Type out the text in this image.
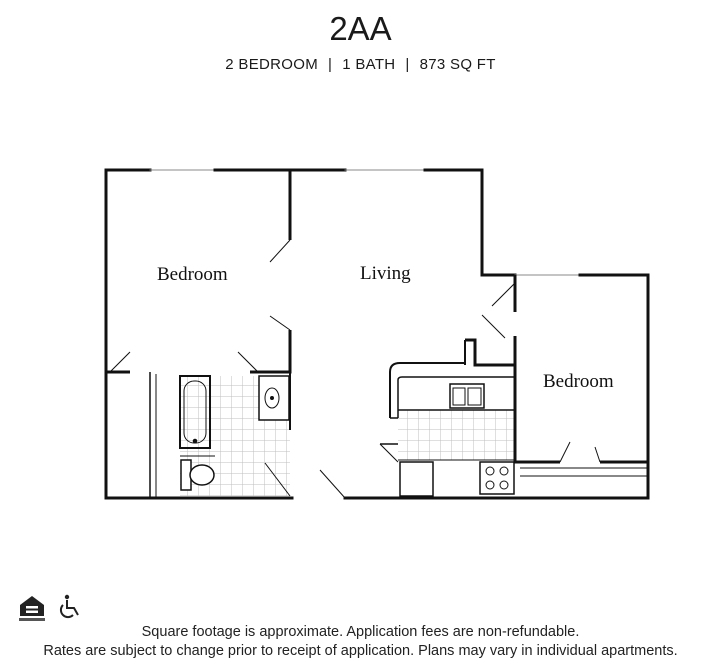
2AA
2 BEDROOM | 1 BATH | 873 SQ FT
Bedroom	Living
Bedroom
Square footage is approximate. Application fees are non-refundable.
Rates are subject to change prior to receipt of application. Plans may vary in individual apartments.
